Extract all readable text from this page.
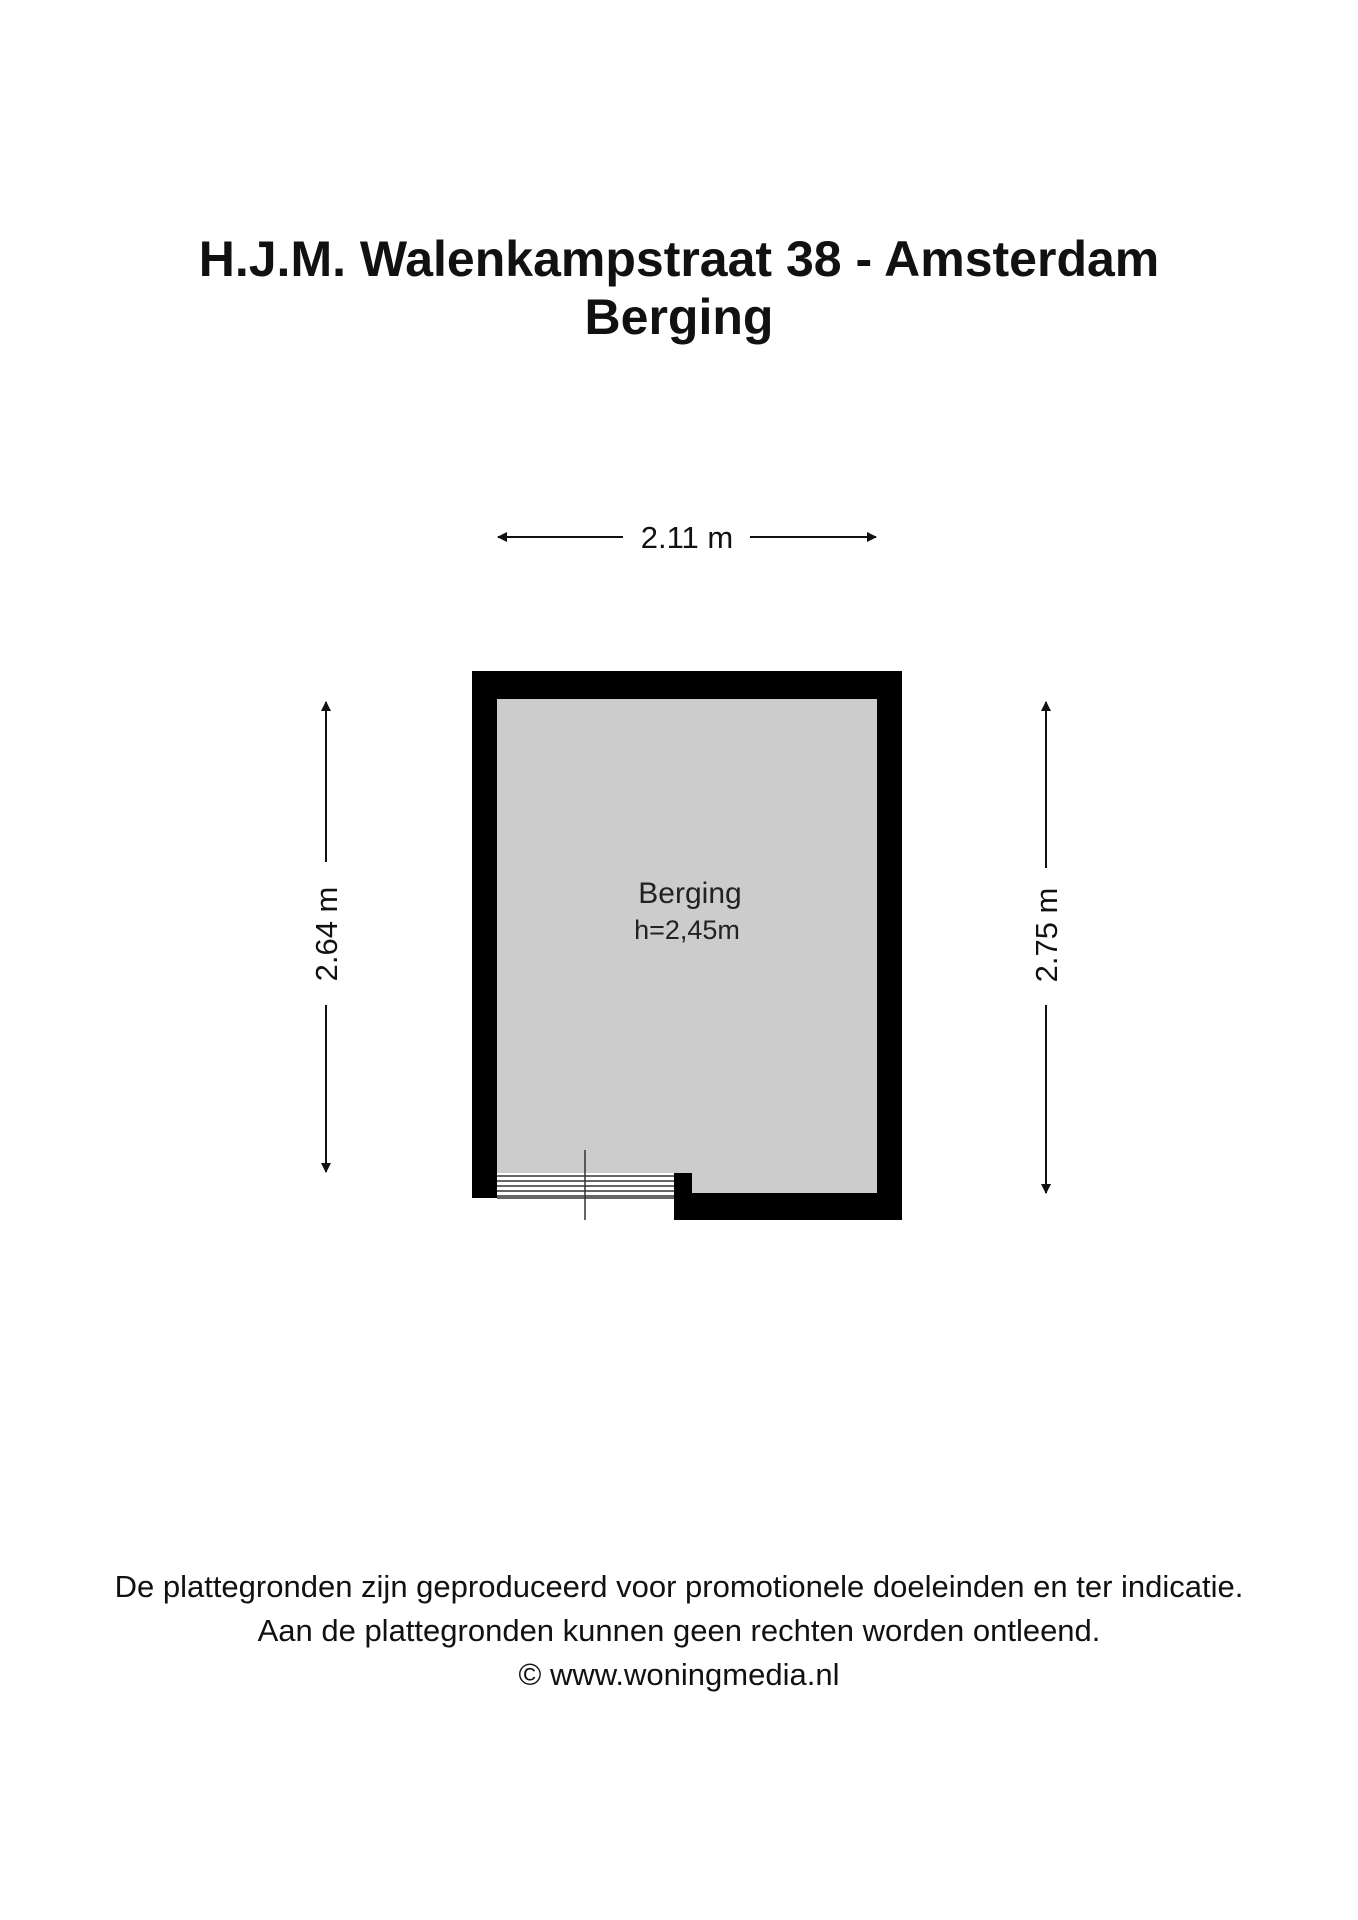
H.J.M. Walenkampstraat 38 - Amsterdam
Berging
2.11 m
2.64 m	2.75 m
Berging
h=2,45m
De plattegronden zijn geproduceerd voor promotionele doeleinden en ter indicatie.
Aan de plattegronden kunnen geen rechten worden ontleend.
© www.woningmedia.nl
